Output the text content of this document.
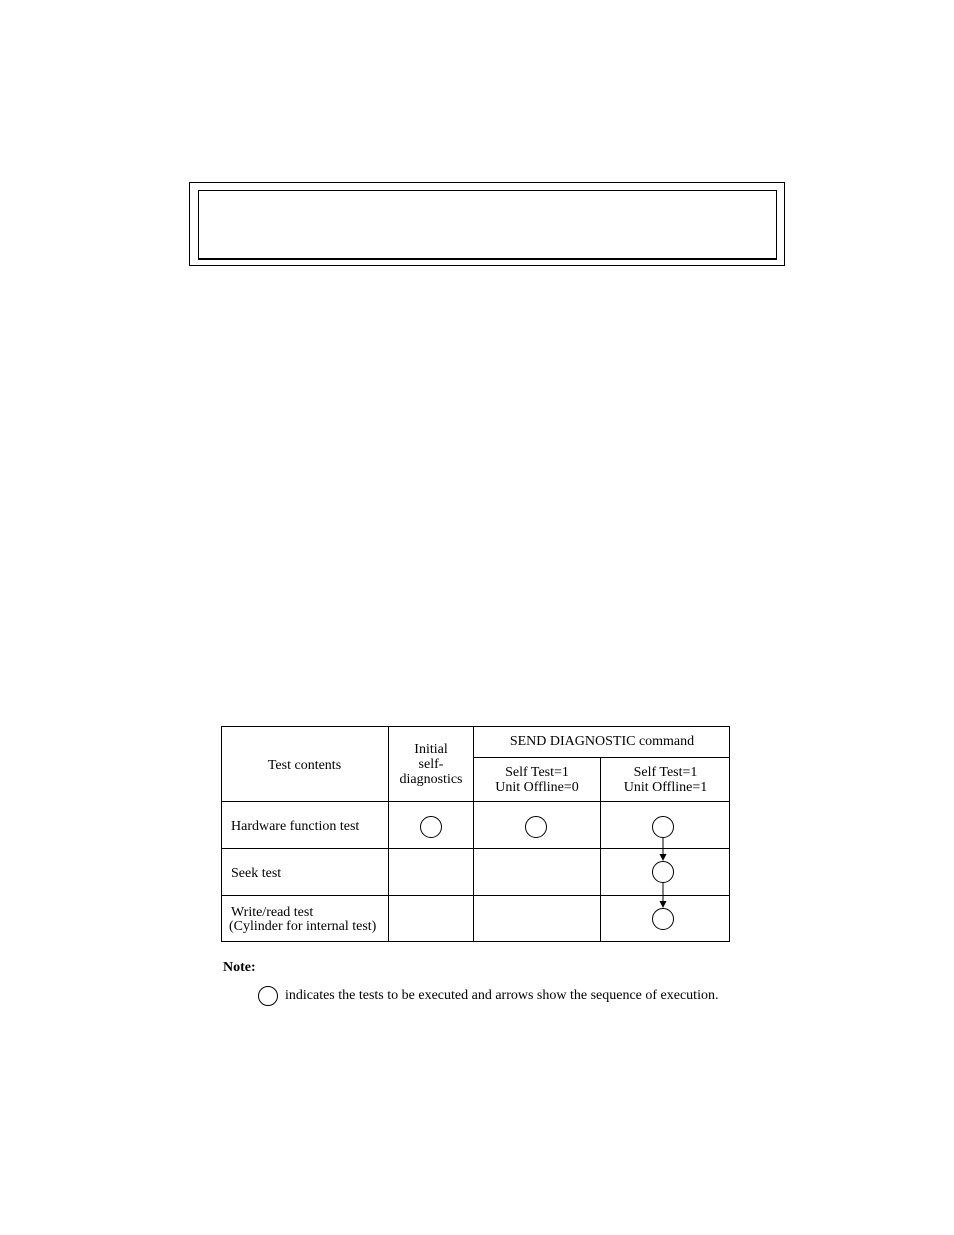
Test contents
Initial
self-
diagnostics
SEND DIAGNOSTIC command
Self Test=1
Unit Offline=0
Self Test=1
Unit Offline=1
Hardware function test
Seek test
Write/read test
(Cylinder for internal test)
Note:
indicates the tests to be executed and arrows show the sequence of execution.
